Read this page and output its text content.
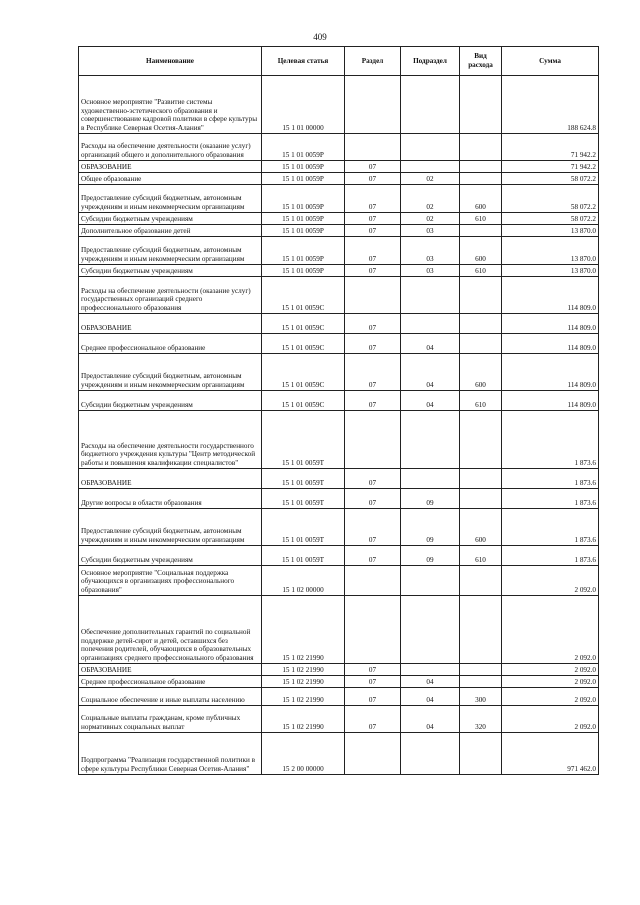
409
Наименование	Целевая статья	Раздел	Подраздел	Вид расхода	Сумма
Основное мероприятие "Развитие системы художественно-эстетического образования и совершенствование кадровой политики в сфере культуры в Республике Северная Осетия-Алания"	15 1 01 00000				188 624.8
Расходы на обеспечение деятельности (оказание услуг) организаций общего и дополнительного образования	15 1 01 0059Р				71 942.2
ОБРАЗОВАНИЕ	15 1 01 0059Р	07			71 942.2
Общее образование	15 1 01 0059Р	07	02		58 072.2
Предоставление субсидий бюджетным, автономным учреждениям и иным некоммерческим организациям	15 1 01 0059Р	07	02	600	58 072.2
Субсидии бюджетным учреждениям	15 1 01 0059Р	07	02	610	58 072.2
Дополнительное образование детей	15 1 01 0059Р	07	03		13 870.0
Предоставление субсидий бюджетным, автономным учреждениям и иным некоммерческим организациям	15 1 01 0059Р	07	03	600	13 870.0
Субсидии бюджетным учреждениям	15 1 01 0059Р	07	03	610	13 870.0
Расходы на обеспечение деятельности (оказание услуг) государственных организаций среднего профессионального образования	15 1 01 0059С				114 809.0
ОБРАЗОВАНИЕ	15 1 01 0059С	07			114 809.0
Среднее профессиональное образование	15 1 01 0059С	07	04		114 809.0
Предоставление субсидий бюджетным, автономным учреждениям и иным некоммерческим организациям	15 1 01 0059С	07	04	600	114 809.0
Субсидии бюджетным учреждениям	15 1 01 0059С	07	04	610	114 809.0
Расходы на обеспечение деятельности государственного бюджетного учреждения культуры "Центр методической работы и повышения квалификации специалистов"	15 1 01 0059Т				1 873.6
ОБРАЗОВАНИЕ	15 1 01 0059Т	07			1 873.6
Другие вопросы в области образования	15 1 01 0059Т	07	09		1 873.6
Предоставление субсидий бюджетным, автономным учреждениям и иным некоммерческим организациям	15 1 01 0059Т	07	09	600	1 873.6
Субсидии бюджетным учреждениям	15 1 01 0059Т	07	09	610	1 873.6
Основное мероприятие "Социальная поддержка обучающихся в организациях профессионального образования"	15 1 02 00000				2 092.0
Обеспечение дополнительных гарантий по социальной поддержке детей-сирот и детей, оставшихся без попечения родителей, обучающихся в образовательных организациях среднего профессионального образования	15 1 02 21990				2 092.0
ОБРАЗОВАНИЕ	15 1 02 21990	07			2 092.0
Среднее профессиональное образование	15 1 02 21990	07	04		2 092.0
Социальное обеспечение и иные выплаты населению	15 1 02 21990	07	04	300	2 092.0
Социальные выплаты гражданам, кроме публичных нормативных социальных выплат	15 1 02 21990	07	04	320	2 092.0
Подпрограмма "Реализация государственной политики в сфере культуры Республики Северная Осетия-Алания"	15 2 00 00000				971 462.0
